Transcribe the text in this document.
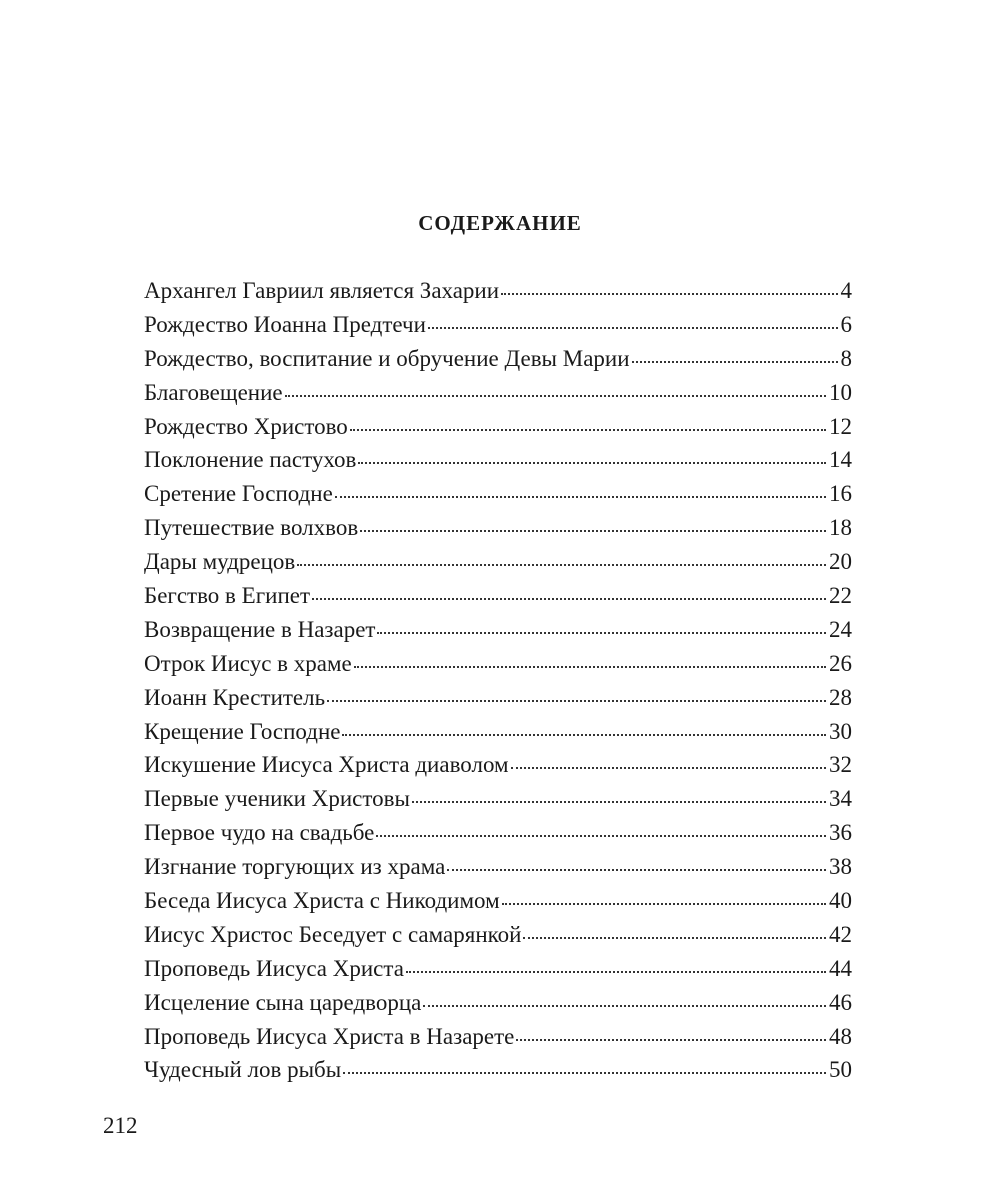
СОДЕРЖАНИЕ
Архангел Гавриил является Захарии	4
Рождество Иоанна Предтечи	6
Рождество, воспитание и обручение Девы Марии	8
Благовещение	10
Рождество Христово	12
Поклонение пастухов	14
Сретение Господне	16
Путешествие волхвов	18
Дары мудрецов	20
Бегство в Египет	22
Возвращение в Назарет	24
Отрок Иисус в храме	26
Иоанн Креститель	28
Крещение Господне	30
Искушение Иисуса Христа диаволом	32
Первые ученики Христовы	34
Первое чудо на свадьбе	36
Изгнание торгующих из храма	38
Беседа Иисуса Христа с Никодимом	40
Иисус Христос Беседует с самарянкой	42
Проповедь Иисуса Христа	44
Исцеление сына царедворца	46
Проповедь Иисуса Христа в Назарете	48
Чудесный лов рыбы	50
212
